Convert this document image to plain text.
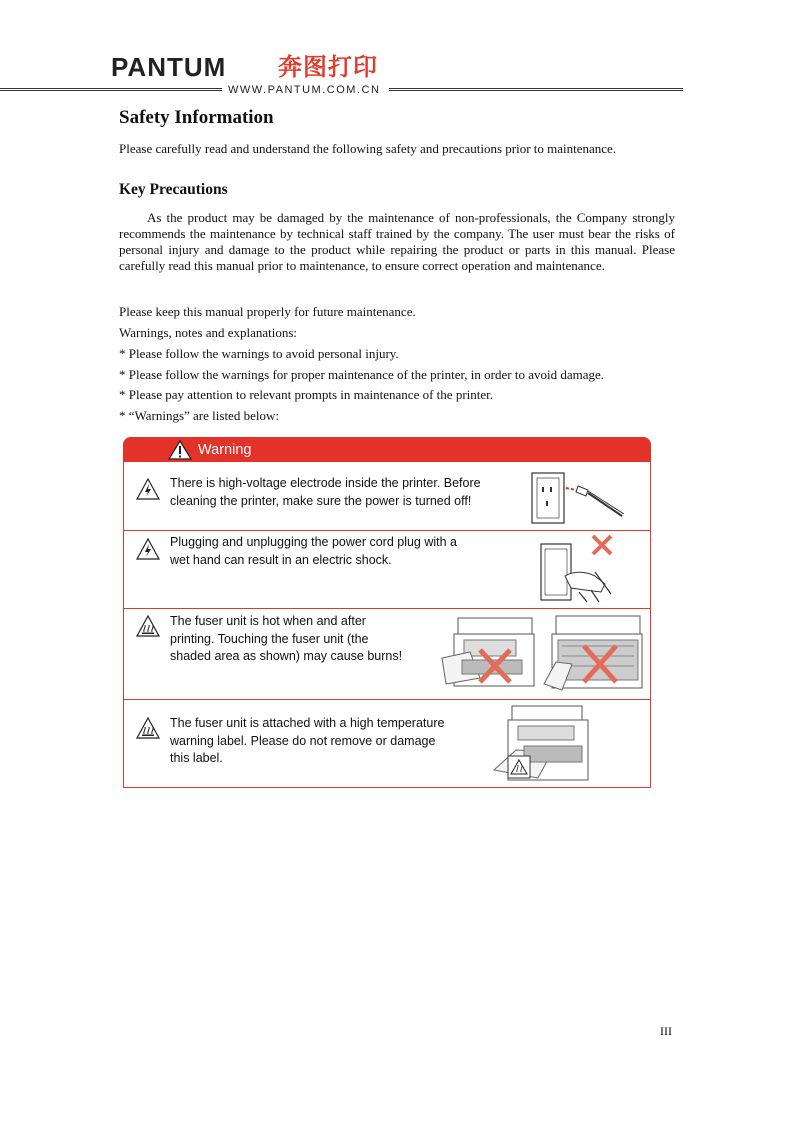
PANTUM 奔图打印
WWW.PANTUM.COM.CN
Safety Information
Please carefully read and understand the following safety and precautions prior to maintenance.
Key Precautions
As the product may be damaged by the maintenance of non-professionals, the Company strongly recommends the maintenance by technical staff trained by the company. The user must bear the risks of personal injury and damage to the product while repairing the product or parts in this manual. Please carefully read this manual prior to maintenance, to ensure correct operation and maintenance.
Please keep this manual properly for future maintenance.
Warnings, notes and explanations:
* Please follow the warnings to avoid personal injury.
* Please follow the warnings for proper maintenance of the printer, in order to avoid damage.
* Please pay attention to relevant prompts in maintenance of the printer.
* “Warnings” are listed below:
Warning
There is high-voltage electrode inside the printer. Before
cleaning the printer, make sure the power is turned off!
Plugging and unplugging the power cord plug with a
wet hand can result in an electric shock.
The fuser unit is hot when and after
printing. Touching the fuser unit (the
shaded area as shown) may cause burns!
The fuser unit is attached with a high temperature
warning label. Please do not remove or damage
this label.
III
